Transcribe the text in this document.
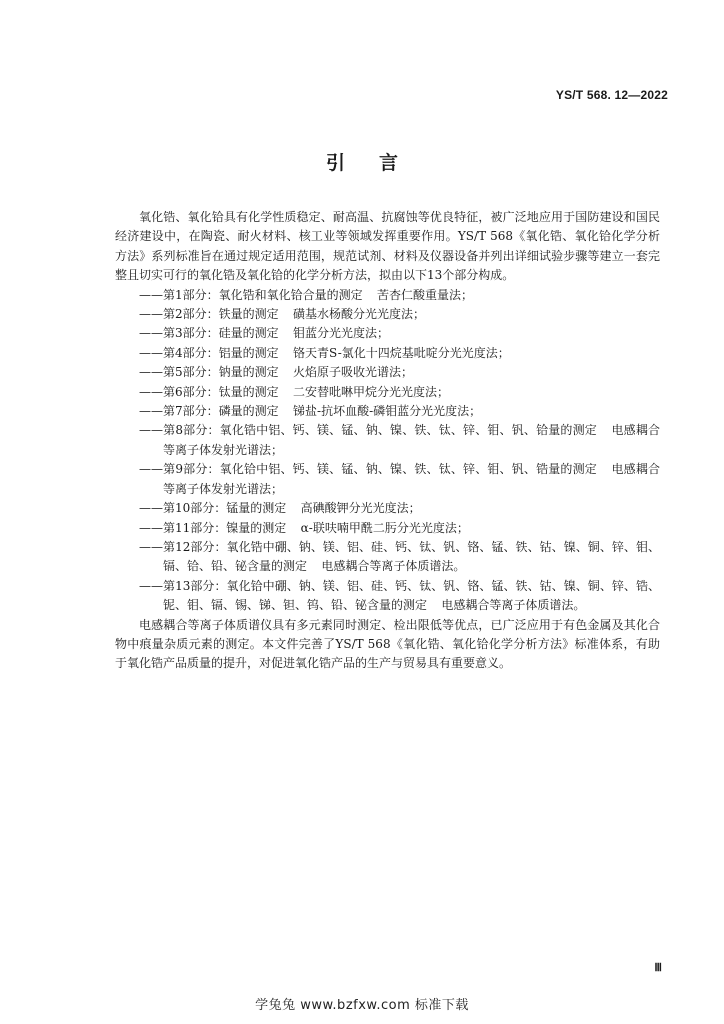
YS/T 568. 12—2022
引言

氧化锆、氧化铪具有化学性质稳定、耐高温、抗腐蚀等优良特征，被广泛地应用于国防建设和国民经济建设中，在陶瓷、耐火材料、核工业等领域发挥重要作用。YS/T 568《氧化锆、氧化铪化学分析方法》系列标准旨在通过规定适用范围，规范试剂、材料及仪器设备并列出详细试验步骤等建立一套完整且切实可行的氧化锆及氧化铪的化学分析方法，拟由以下13个部分构成。

——第1部分：氧化锆和氧化铪合量的测定 苦杏仁酸重量法；
——第2部分：铁量的测定 磺基水杨酸分光光度法；
——第3部分：硅量的测定 钼蓝分光光度法；
——第4部分：铝量的测定 铬天青S-氯化十四烷基吡啶分光光度法；
——第5部分：钠量的测定 火焰原子吸收光谱法；
——第6部分：钛量的测定 二安替吡啉甲烷分光光度法；
——第7部分：磷量的测定 锑盐-抗坏血酸-磷钼蓝分光光度法；
——第8部分：氧化锆中铝、钙、镁、锰、钠、镍、铁、钛、锌、钼、钒、铪量的测定 电感耦合等离子体发射光谱法；
——第9部分：氧化铪中铝、钙、镁、锰、钠、镍、铁、钛、锌、钼、钒、锆量的测定 电感耦合等离子体发射光谱法；
——第10部分：锰量的测定 高碘酸钾分光光度法；
——第11部分：镍量的测定 α-联呋喃甲酰二肟分光光度法；
——第12部分：氧化锆中硼、钠、镁、铝、硅、钙、钛、钒、铬、锰、铁、钴、镍、铜、锌、钼、镉、铪、铅、铋含量的测定 电感耦合等离子体质谱法。
——第13部分：氧化铪中硼、钠、镁、铝、硅、钙、钛、钒、铬、锰、铁、钴、镍、铜、锌、锆、铌、钼、镉、锡、锑、钽、钨、铅、铋含量的测定 电感耦合等离子体质谱法。

电感耦合等离子体质谱仪具有多元素同时测定、检出限低等优点，已广泛应用于有色金属及其化合物中痕量杂质元素的测定。本文件完善了YS/T 568《氧化锆、氧化铪化学分析方法》标准体系，有助于氧化锆产品质量的提升，对促进氧化锆产品的生产与贸易具有重要意义。

Ⅲ
学兔兔 www.bzfxw.com 标准下载
